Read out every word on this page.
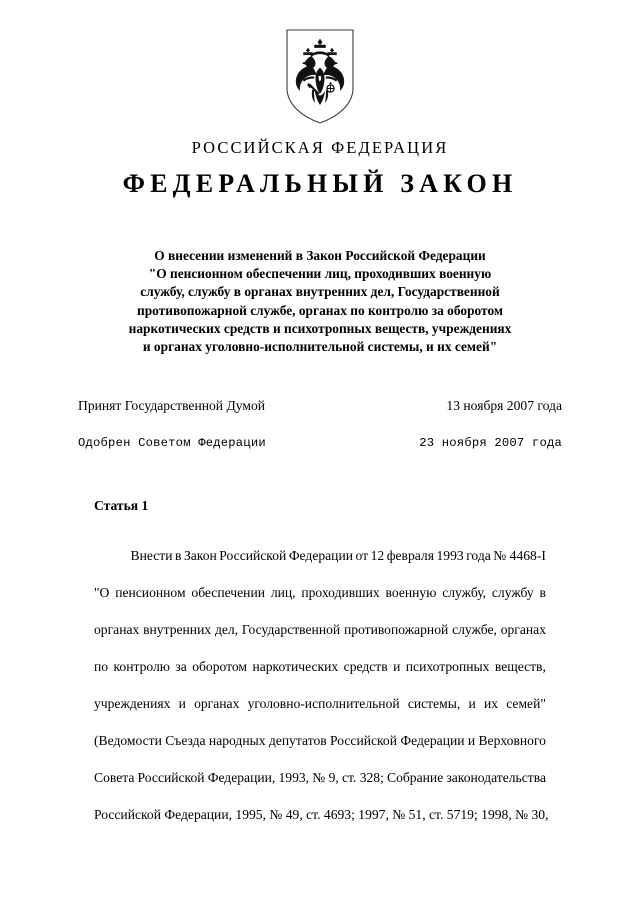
РОССИЙСКАЯ ФЕДЕРАЦИЯ
ФЕДЕРАЛЬНЫЙ ЗАКОН
О внесении изменений в Закон Российской Федерации
"О пенсионном обеспечении лиц, проходивших военную
службу, службу в органах внутренних дел, Государственной
противопожарной службе, органах по контролю за оборотом
наркотических средств и психотропных веществ, учреждениях
и органах уголовно-исполнительной системы, и их семей"
Принят Государственной Думой	13 ноября 2007 года
Одобрен Советом Федерации	23 ноября 2007 года
Статья 1
Внести в Закон Российской Федерации от 12 февраля 1993 года № 4468-I
"О пенсионном обеспечении лиц, проходивших военную службу, службу в
органах внутренних дел, Государственной противопожарной службе, органах
по контролю за оборотом наркотических средств и психотропных веществ,
учреждениях и органах уголовно-исполнительной системы, и их семей"
(Ведомости Съезда народных депутатов Российской Федерации и Верховного
Совета Российской Федерации, 1993, № 9, ст. 328; Собрание законодательства
Российской Федерации, 1995, № 49, ст. 4693; 1997, № 51, ст. 5719; 1998, № 30,
